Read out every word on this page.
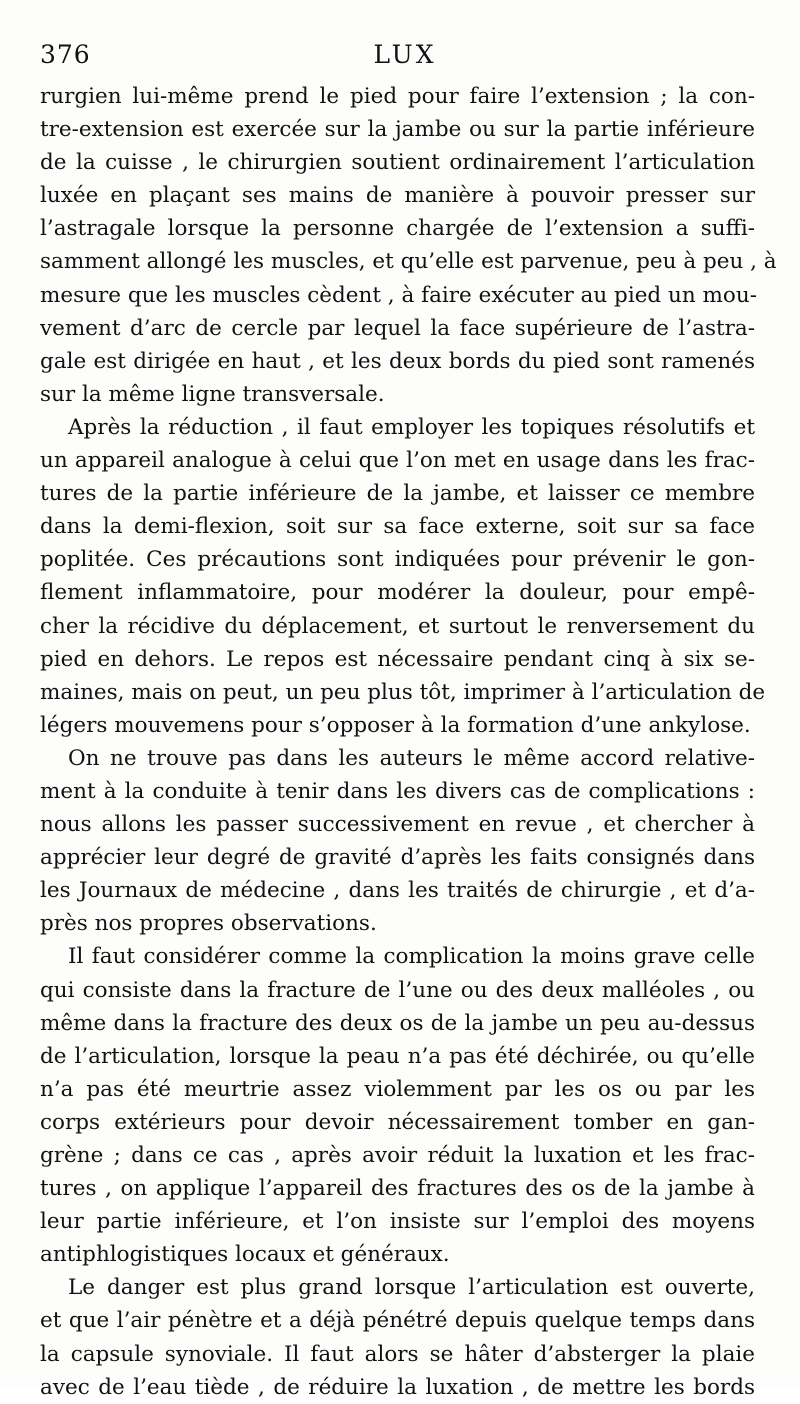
376	LUX
rurgien lui-même prend le pied pour faire l’extension ; la con-
tre-extension est exercée sur la jambe ou sur la partie inférieure
de la cuisse , le chirurgien soutient ordinairement l’articulation
luxée en plaçant ses mains de manière à pouvoir presser sur
l’astragale lorsque la personne chargée de l’extension a suffi-
samment allongé les muscles, et qu’elle est parvenue, peu à peu , à
mesure que les muscles cèdent , à faire exécuter au pied un mou-
vement d’arc de cercle par lequel la face supérieure de l’astra-
gale est dirigée en haut , et les deux bords du pied sont ramenés
sur la même ligne transversale.
Après la réduction , il faut employer les topiques résolutifs et
un appareil analogue à celui que l’on met en usage dans les frac-
tures de la partie inférieure de la jambe, et laisser ce membre
dans la demi-flexion, soit sur sa face externe, soit sur sa face
poplitée. Ces précautions sont indiquées pour prévenir le gon-
flement inflammatoire, pour modérer la douleur, pour empê-
cher la récidive du déplacement, et surtout le renversement du
pied en dehors. Le repos est nécessaire pendant cinq à six se-
maines, mais on peut, un peu plus tôt, imprimer à l’articulation de
légers mouvemens pour s’opposer à la formation d’une ankylose.
On ne trouve pas dans les auteurs le même accord relative-
ment à la conduite à tenir dans les divers cas de complications :
nous allons les passer successivement en revue , et chercher à
apprécier leur degré de gravité d’après les faits consignés dans
les Journaux de médecine , dans les traités de chirurgie , et d’a-
près nos propres observations.
Il faut considérer comme la complication la moins grave celle
qui consiste dans la fracture de l’une ou des deux malléoles , ou
même dans la fracture des deux os de la jambe un peu au-dessus
de l’articulation, lorsque la peau n’a pas été déchirée, ou qu’elle
n’a pas été meurtrie assez violemment par les os ou par les
corps extérieurs pour devoir nécessairement tomber en gan-
grène ; dans ce cas , après avoir réduit la luxation et les frac-
tures , on applique l’appareil des fractures des os de la jambe à
leur partie inférieure, et l’on insiste sur l’emploi des moyens
antiphlogistiques locaux et généraux.
Le danger est plus grand lorsque l’articulation est ouverte,
et que l’air pénètre et a déjà pénétré depuis quelque temps dans
la capsule synoviale. Il faut alors se hâter d’absterger la plaie
avec de l’eau tiède , de réduire la luxation , de mettre les bords
